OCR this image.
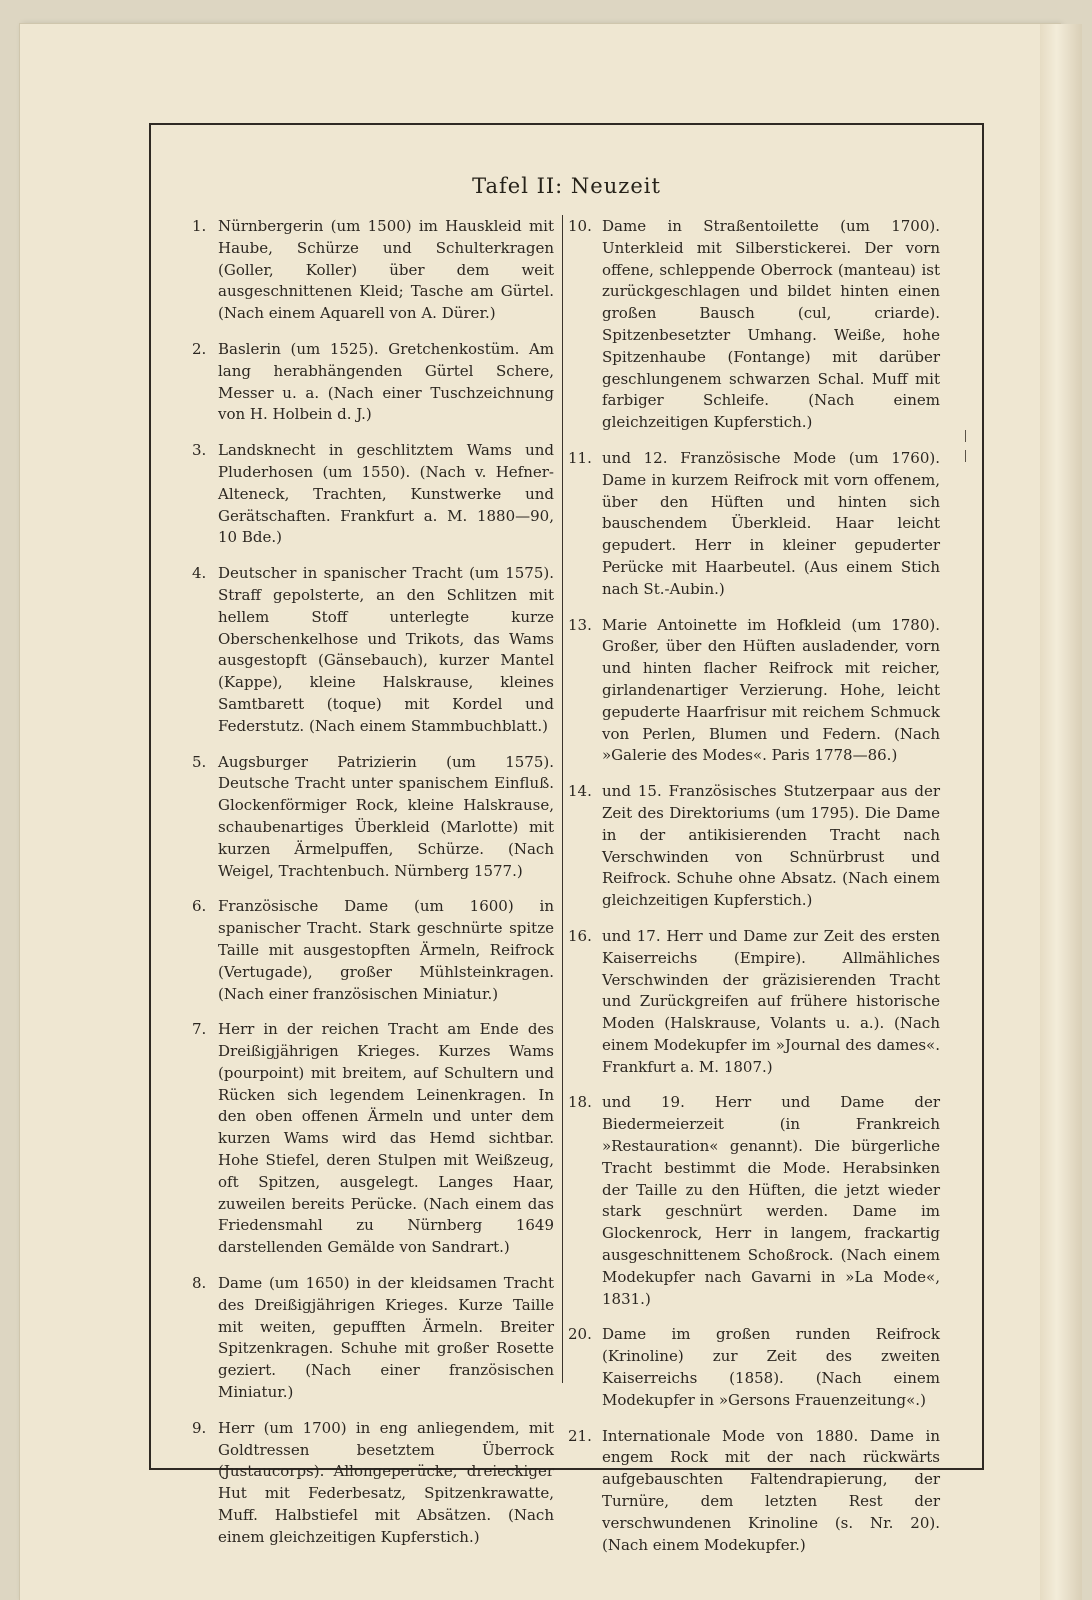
Tafel II: Neuzeit
1. Nürnbergerin (um 1500) im Hauskleid mit Haube, Schürze und Schulterkragen (Goller, Koller) über dem weit ausgeschnittenen Kleid; Tasche am Gürtel. (Nach einem Aquarell von A. Dürer.)
2. Baslerin (um 1525). Gretchenkostüm. Am lang herabhängenden Gürtel Schere, Messer u. a. (Nach einer Tuschzeichnung von H. Holbein d. J.)
3. Landsknecht in geschlitztem Wams und Pluderhosen (um 1550). (Nach v. Hefner-Alteneck, Trachten, Kunstwerke und Gerätschaften. Frankfurt a. M. 1880—90, 10 Bde.)
4. Deutscher in spanischer Tracht (um 1575). Straff gepolsterte, an den Schlitzen mit hellem Stoff unterlegte kurze Oberschenkelhose und Trikots, das Wams ausgestopft (Gänsebauch), kurzer Mantel (Kappe), kleine Halskrause, kleines Samtbarett (toque) mit Kordel und Federstutz. (Nach einem Stammbuchblatt.)
5. Augsburger Patrizierin (um 1575). Deutsche Tracht unter spanischem Einfluß. Glockenförmiger Rock, kleine Halskrause, schaubenartiges Überkleid (Marlotte) mit kurzen Ärmelpuffen, Schürze. (Nach Weigel, Trachtenbuch. Nürnberg 1577.)
6. Französische Dame (um 1600) in spanischer Tracht. Stark geschnürte spitze Taille mit ausgestopften Ärmeln, Reifrock (Vertugade), großer Mühlsteinkragen. (Nach einer französischen Miniatur.)
7. Herr in der reichen Tracht am Ende des Dreißigjährigen Krieges. Kurzes Wams (pourpoint) mit breitem, auf Schultern und Rücken sich legendem Leinenkragen. In den oben offenen Ärmeln und unter dem kurzen Wams wird das Hemd sichtbar. Hohe Stiefel, deren Stulpen mit Weißzeug, oft Spitzen, ausgelegt. Langes Haar, zuweilen bereits Perücke. (Nach einem das Friedensmahl zu Nürnberg 1649 darstellenden Gemälde von Sandrart.)
8. Dame (um 1650) in der kleidsamen Tracht des Dreißigjährigen Krieges. Kurze Taille mit weiten, gepufften Ärmeln. Breiter Spitzenkragen. Schuhe mit großer Rosette geziert. (Nach einer französischen Miniatur.)
9. Herr (um 1700) in eng anliegendem, mit Goldtressen besetztem Überrock (Justaucorps). Allongeperücke, dreieckiger Hut mit Federbesatz, Spitzenkrawatte, Muff. Halbstiefel mit Absätzen. (Nach einem gleichzeitigen Kupferstich.)
10. Dame in Straßentoilette (um 1700). Unterkleid mit Silberstickerei. Der vorn offene, schleppende Oberrock (manteau) ist zurückgeschlagen und bildet hinten einen großen Bausch (cul, criarde). Spitzenbesetzter Umhang. Weiße, hohe Spitzenhaube (Fontange) mit darüber geschlungenem schwarzen Schal. Muff mit farbiger Schleife. (Nach einem gleichzeitigen Kupferstich.)
11. und 12. Französische Mode (um 1760). Dame in kurzem Reifrock mit vorn offenem, über den Hüften und hinten sich bauschendem Überkleid. Haar leicht gepudert. Herr in kleiner gepuderter Perücke mit Haarbeutel. (Aus einem Stich nach St.-Aubin.)
13. Marie Antoinette im Hofkleid (um 1780). Großer, über den Hüften ausladender, vorn und hinten flacher Reifrock mit reicher, girlandenartiger Verzierung. Hohe, leicht gepuderte Haarfrisur mit reichem Schmuck von Perlen, Blumen und Federn. (Nach »Galerie des Modes«. Paris 1778—86.)
14. und 15. Französisches Stutzerpaar aus der Zeit des Direktoriums (um 1795). Die Dame in der antikisierenden Tracht nach Verschwinden von Schnürbrust und Reifrock. Schuhe ohne Absatz. (Nach einem gleichzeitigen Kupferstich.)
16. und 17. Herr und Dame zur Zeit des ersten Kaiserreichs (Empire). Allmähliches Verschwinden der gräzisierenden Tracht und Zurückgreifen auf frühere historische Moden (Halskrause, Volants u. a.). (Nach einem Modekupfer im »Journal des dames«. Frankfurt a. M. 1807.)
18. und 19. Herr und Dame der Biedermeierzeit (in Frankreich »Restauration« genannt). Die bürgerliche Tracht bestimmt die Mode. Herabsinken der Taille zu den Hüften, die jetzt wieder stark geschnürt werden. Dame im Glockenrock, Herr in langem, frackartig ausgeschnittenem Schoßrock. (Nach einem Modekupfer nach Gavarni in »La Mode«, 1831.)
20. Dame im großen runden Reifrock (Krinoline) zur Zeit des zweiten Kaiserreichs (1858). (Nach einem Modekupfer in »Gersons Frauenzeitung«.)
21. Internationale Mode von 1880. Dame in engem Rock mit der nach rückwärts aufgebauschten Faltendrapierung, der Turnüre, dem letzten Rest der verschwundenen Krinoline (s. Nr. 20). (Nach einem Modekupfer.)
